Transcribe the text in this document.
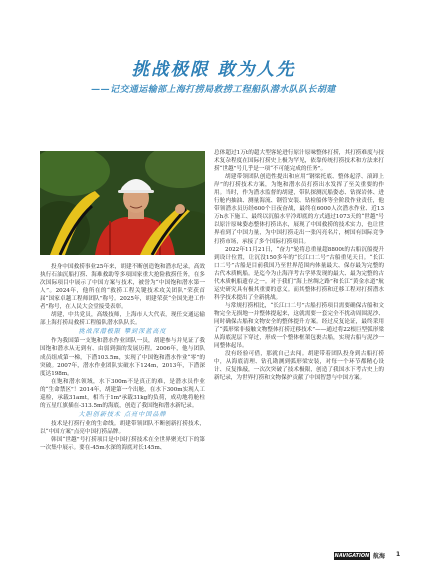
挑战极限 敢为人先
——记交通运输部上海打捞局救捞工程船队潜水队队长胡建

投身中国救捞事业25年来，胡建不断创造饱和潜水纪录，高效执行石油沉船打捞、海难救助等多项国家重大抢险救捞任务，在多次国际项目中展示了中国方案与技术，被誉为“中国饱和潜水第一人”。2024年，他所在的“救捞工程关键技术攻关团队”荣获首届“国家卓越工程师团队”称号。2025年，胡建荣获“全国先进工作者”称号，在人民大会堂接受表彰。

胡建，中共党员，高级技师，上海市人大代表，现任交通运输部上海打捞局救捞工程船队潜水队队长。

挑战深潜极限 攀到深蓝高度

作为我国第一支饱和潜水作业团队一员，胡建参与并见证了我国饱和潜水从无到有、由弱到强的发展历程。2006年，他与团队成员组成第一梯，下潜103.5m，实现了中国饱和潜水作业“零”的突破。2007年，潜水作业团队实破水下124m，2013年，下潜深度达198m。

在饱和潜水领域，水下300m不是真正的难，是潜水员作业的“生命禁区”！2014年，胡建第一个出舱，在水下300m实现人工巡检，承载31amt，相当于1m²承载31kg的负荷，成功地将舱柱的五星红旗插在-313.5m的海底，创造了我国饱和潜水新纪录。

大胆创新技术 点亮中国品牌

技术是打捞行业的生命线。胡建带领团队不断创新打捞技术，以“中国方案”点亮中国打捞品牌。

韩国“世越”号打捞项目是中国打捞技术在全世界聚光灯下的第一次集中展示。要在-45m水深的海底对长145m、

总体超过1万t的超大型客轮进行原汁原味整体打捞，其打捞难度与技术复杂程度在国际打捞史上极为罕见，依靠传统打捞技术和方法来打捞“世越”号几乎是一项“不可能完成的任务”。

胡建带领团队创造性提出和应用“钢梁托底、整体起浮、滚卸上岸”的打捞技术方案，为饱和潜水员打捞出水发挥了至关重要的作用。当时，作为潜水监督的胡建，带队探测沉船姿态、钻探岩体、进行舱内抽油、测量海流、钢管安装、钻检船体等全阶段作业责任，他带领潜水员历经600个日夜奋战，最终在6000人次潜水作业、近13万h水下施工、最终以沉船水平冷却底的方式通过1073天的“世越”号以原汁原味姿态整体打捞出水，展现了中国救捞的技术实力，也让世界看到了中国力量，为中国打捞走出一张闪亮名片，树国有国际竞争打捞市场，承接了多个国际打捞项目。

2022年11月21日，“奋力”轮将总重量超8800t的古船沉船提升到设计位置，让沉没150多年的“长江口二号”古船重见天日。“长江口二号”古船是目前我国乃至世界范围内体量最大、保存最为完整的古代木质帆船。是迄今为止海洋考古学界发现的最大、最为完整的古代木质帆船遗存之一。对于我们“海上丝绸之路”和长江“黄金水道”航运史研究具有极其重要的意义。而其整体打捞和迁移工程对打捞潜水科学技术提出了全新挑战。

与常规打捞相比，“长江口二号”古船打捞项目需要确保古船和文物完全无损地一并整体提起来，这就需要一套完全不扰动周围泥沙、同时确保古船和文物安全的整体提升方案。经过反复论证，最终采用了“弧形梁非接触文物整体打捞迁移技术”——通过将22根巨型弧形梁从海底泥层下穿过，形成一个整体框架包裹古船，实现古船与泥沙一同整体起吊。

没有经验可借，那就自己去闯。胡建带着团队投身到古船打捞中，从海底清理、钻孔勘测到弧形梁安装，对每一个环节都精心设计、反复推敲，一次次突破了技术极限，创造了我国水下考古史上的新纪录，为世界打捞和文物保护贡献了中国智慧与中国方案。

NAVIGATION 航海 1
